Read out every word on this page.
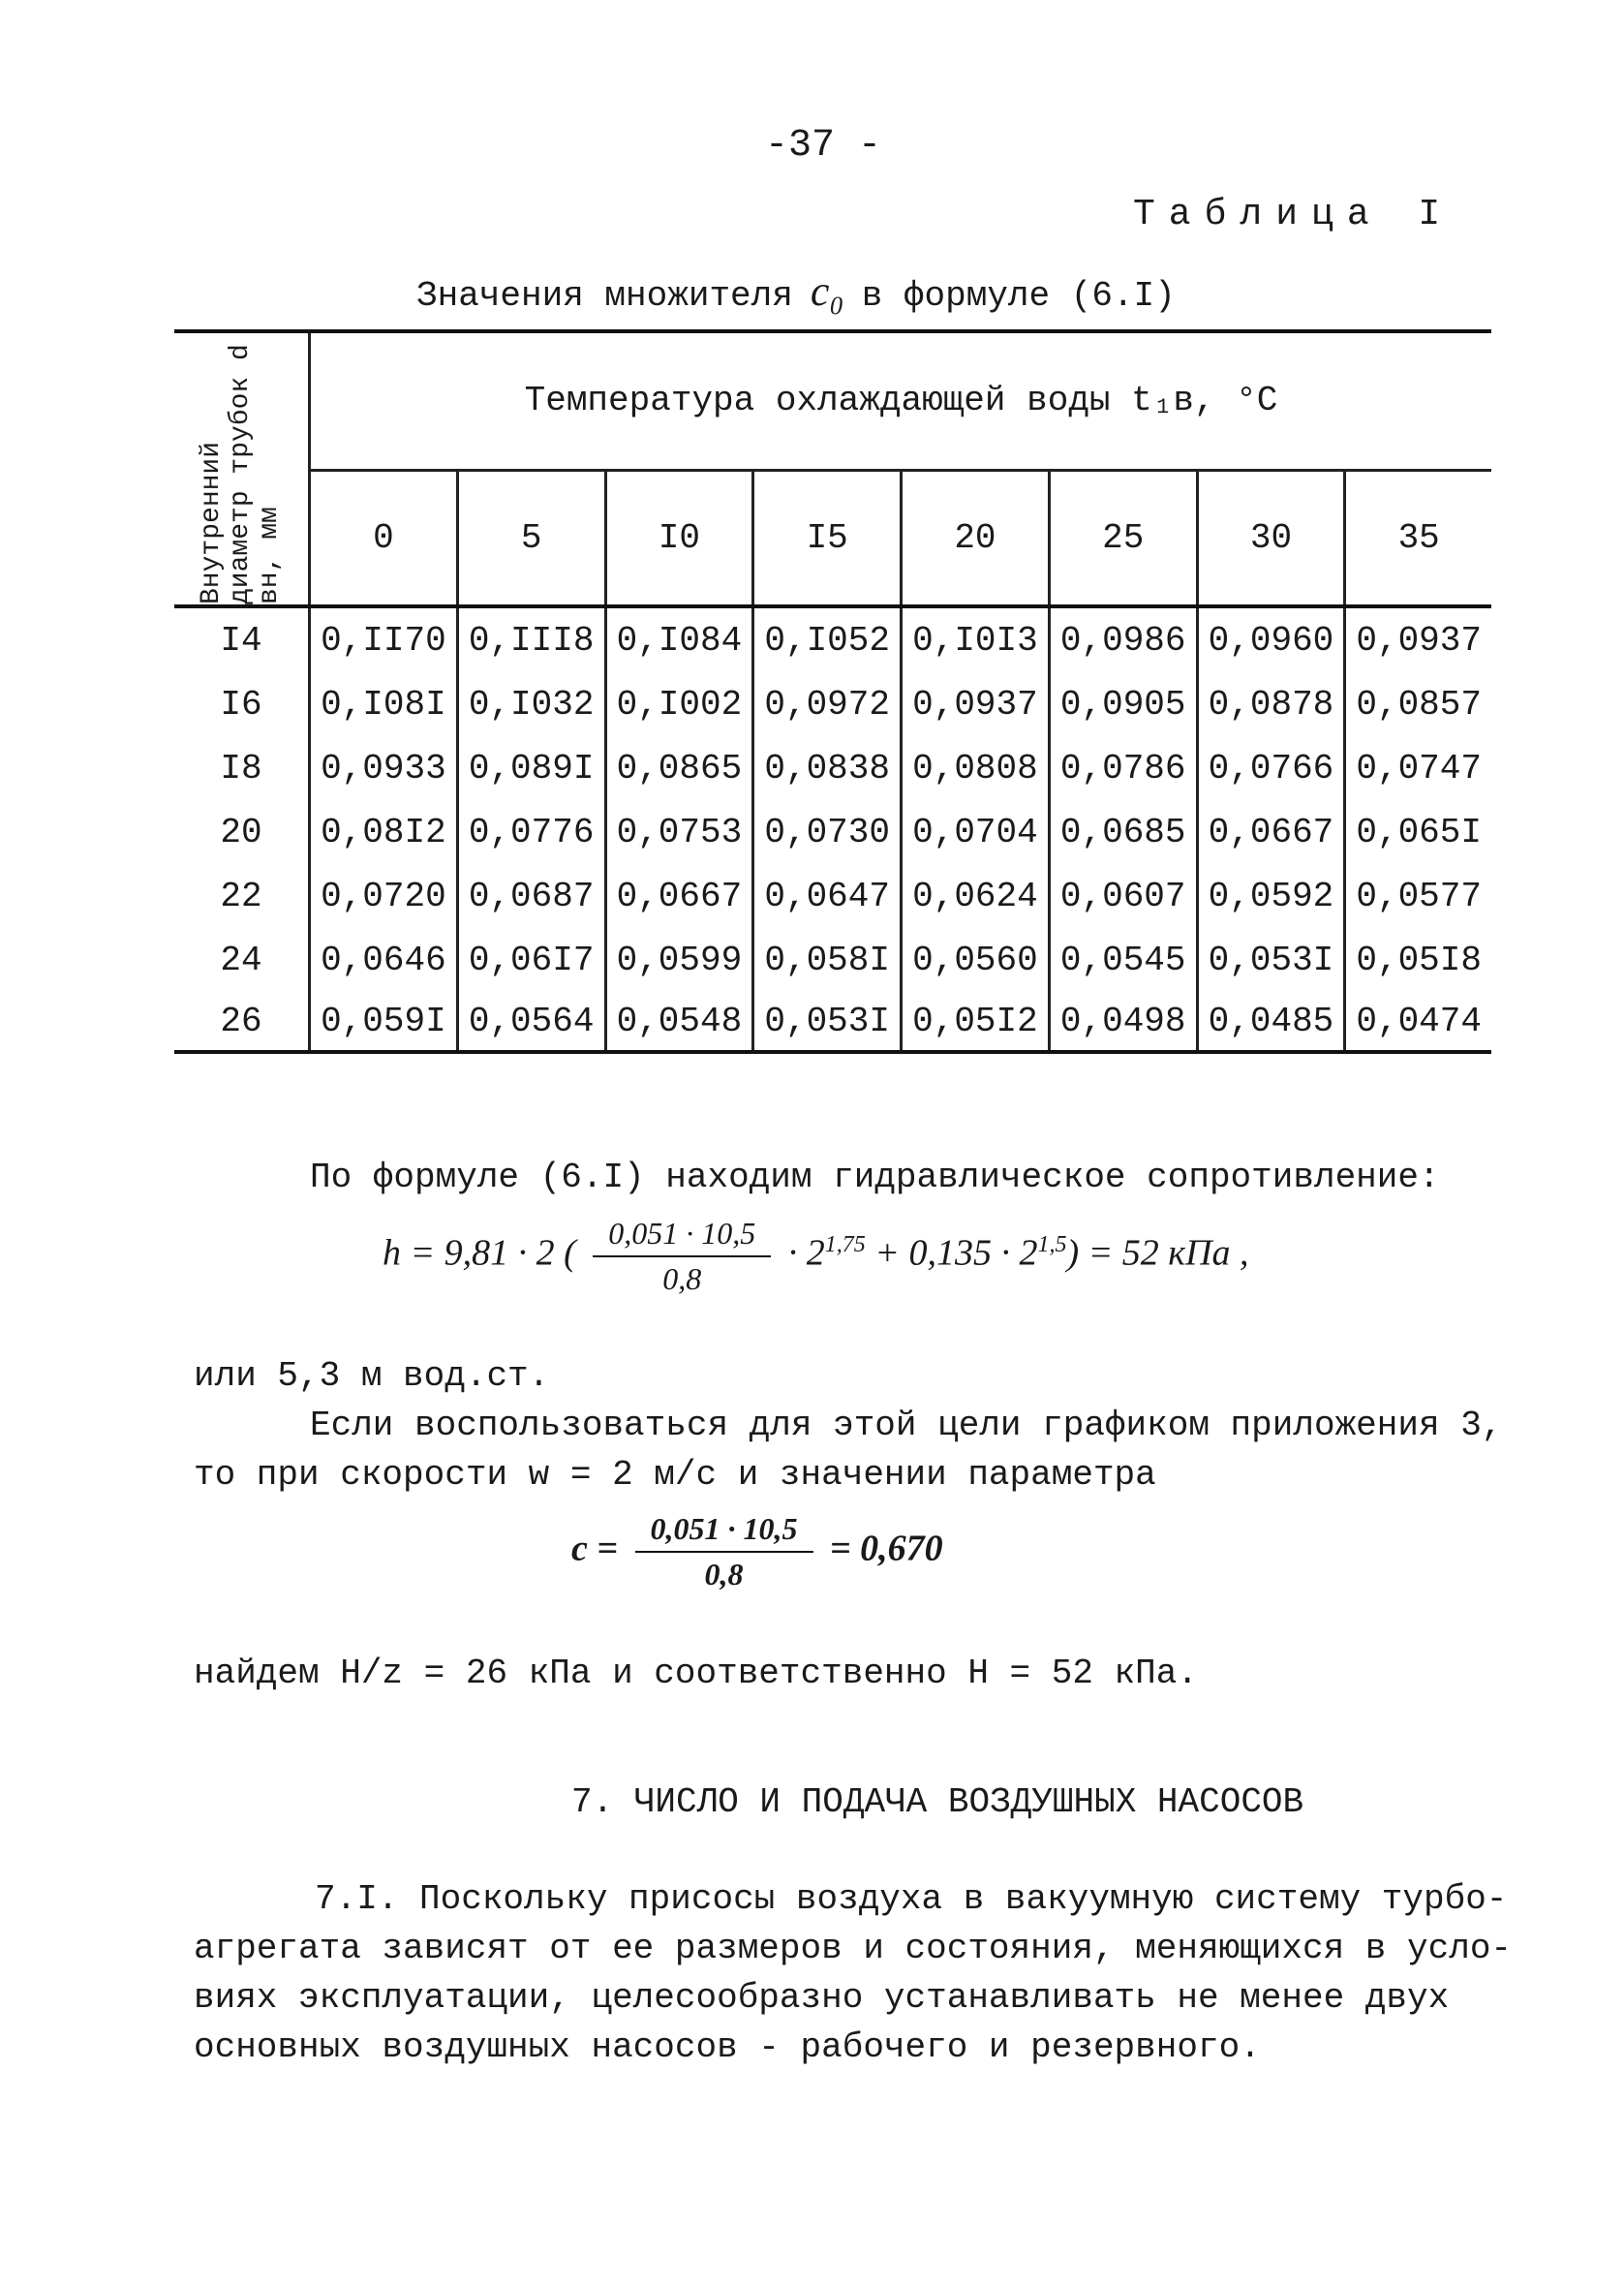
-37 -
Таблица I
Значения множителя c₀ в формуле (6.I)
Внутренний диаметр трубок d вн, мм	Температура охлаждающей воды t₁в, °C							
	0	5	I0	I5	20	25	30	35
I4	0,II70	0,III8	0,I084	0,I052	0,I0I3	0,0986	0,0960	0,0937
I6	0,I08I	0,I032	0,I002	0,0972	0,0937	0,0905	0,0878	0,0857
I8	0,0933	0,089I	0,0865	0,0838	0,0808	0,0786	0,0766	0,0747
20	0,08I2	0,0776	0,0753	0,0730	0,0704	0,0685	0,0667	0,065I
22	0,0720	0,0687	0,0667	0,0647	0,0624	0,0607	0,0592	0,0577
24	0,0646	0,06I7	0,0599	0,058I	0,0560	0,0545	0,053I	0,05I8
26	0,059I	0,0564	0,0548	0,053I	0,05I2	0,0498	0,0485	0,0474
По формуле (6.I) находим гидравлическое сопротивление:
h = 9,81 · 2 ( $\frac{0,051 \cdot 10,5}{0,8} \cdot 2^{1,75} + 0,135 \cdot 2^{1,5}) = 52$ кПа ,
или 5,3 м вод.ст.
Если воспользоваться для этой цели графиком приложения 3,
то при скорости w = 2 м/с и значении параметра
$c = \frac{0,051 \cdot 10,5}{0,8} = 0,670$
найдем H/z = 26 кПа и соответственно H = 52 кПа.
7. ЧИСЛО И ПОДАЧА ВОЗДУШНЫХ НАСОСОВ
7.I. Поскольку присосы воздуха в вакуумную систему турбо-
агрегата зависят от ее размеров и состояния, меняющихся в усло-
виях эксплуатации, целесообразно устанавливать не менее двух
основных воздушных насосов - рабочего и резервного.
